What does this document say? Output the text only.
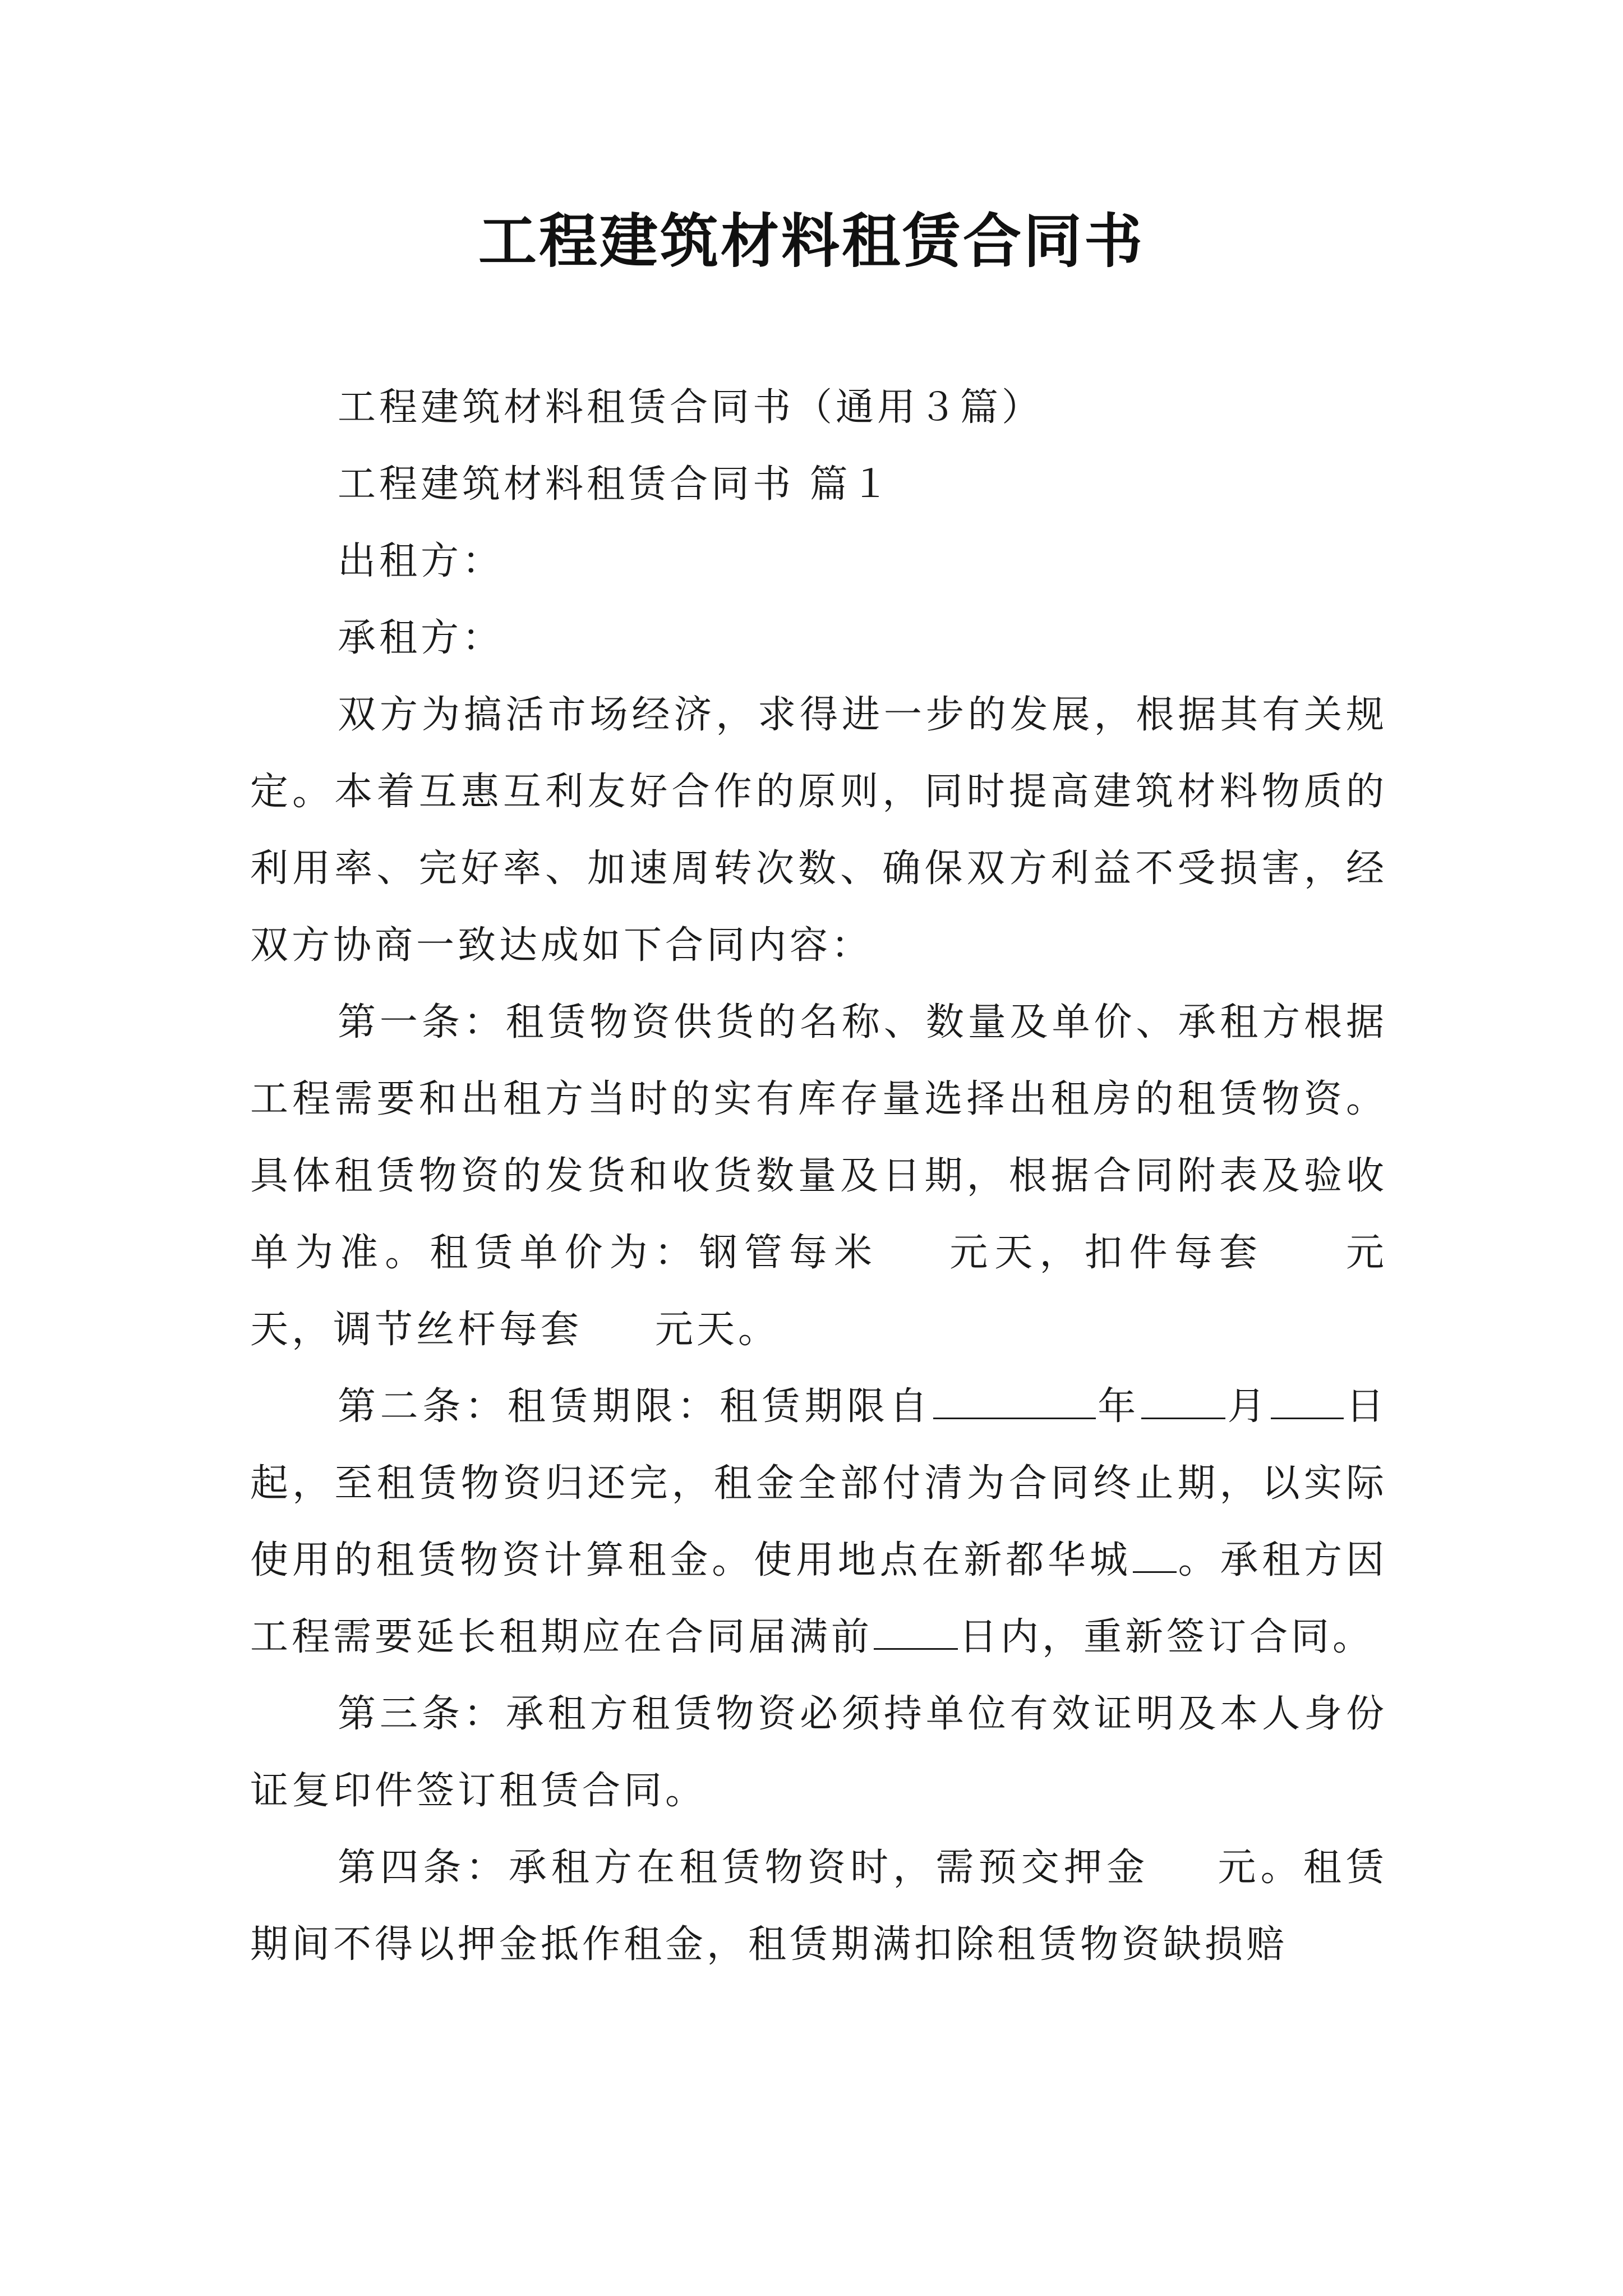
工程建筑材料租赁合同书

工程建筑材料租赁合同书（通用３篇）

工程建筑材料租赁合同书 篇１

出租方：

承租方：

双方为搞活市场经济，求得进一步的发展，根据其有关规定。本着互惠互利友好合作的原则，同时提高建筑材料物质的利用率、完好率、加速周转次数、确保双方利益不受损害，经双方协商一致达成如下合同内容：

第一条：租赁物资供货的名称、数量及单价、承租方根据工程需要和出租方当时的实有库存量选择出租房的租赁物资。具体租赁物资的发货和收货数量及日期，根据合同附表及验收单为准。租赁单价为：钢管每米 元天，扣件每套 元天，调节丝杆每套 元天。

第二条：租赁期限：租赁期限自	年 月 日起，至租赁物资归还完，租金全部付清为合同终止期，以实际使用的租赁物资计算租金。使用地点在新都华城 。承租方因工程需要延长租期应在合同届满前 日内，重新签订合同。

第三条：承租方租赁物资必须持单位有效证明及本人身份证复印件签订租赁合同。

第四条：承租方在租赁物资时，需预交押金 元。租赁期间不得以押金抵作租金，租赁期满扣除租赁物资缺损赔
